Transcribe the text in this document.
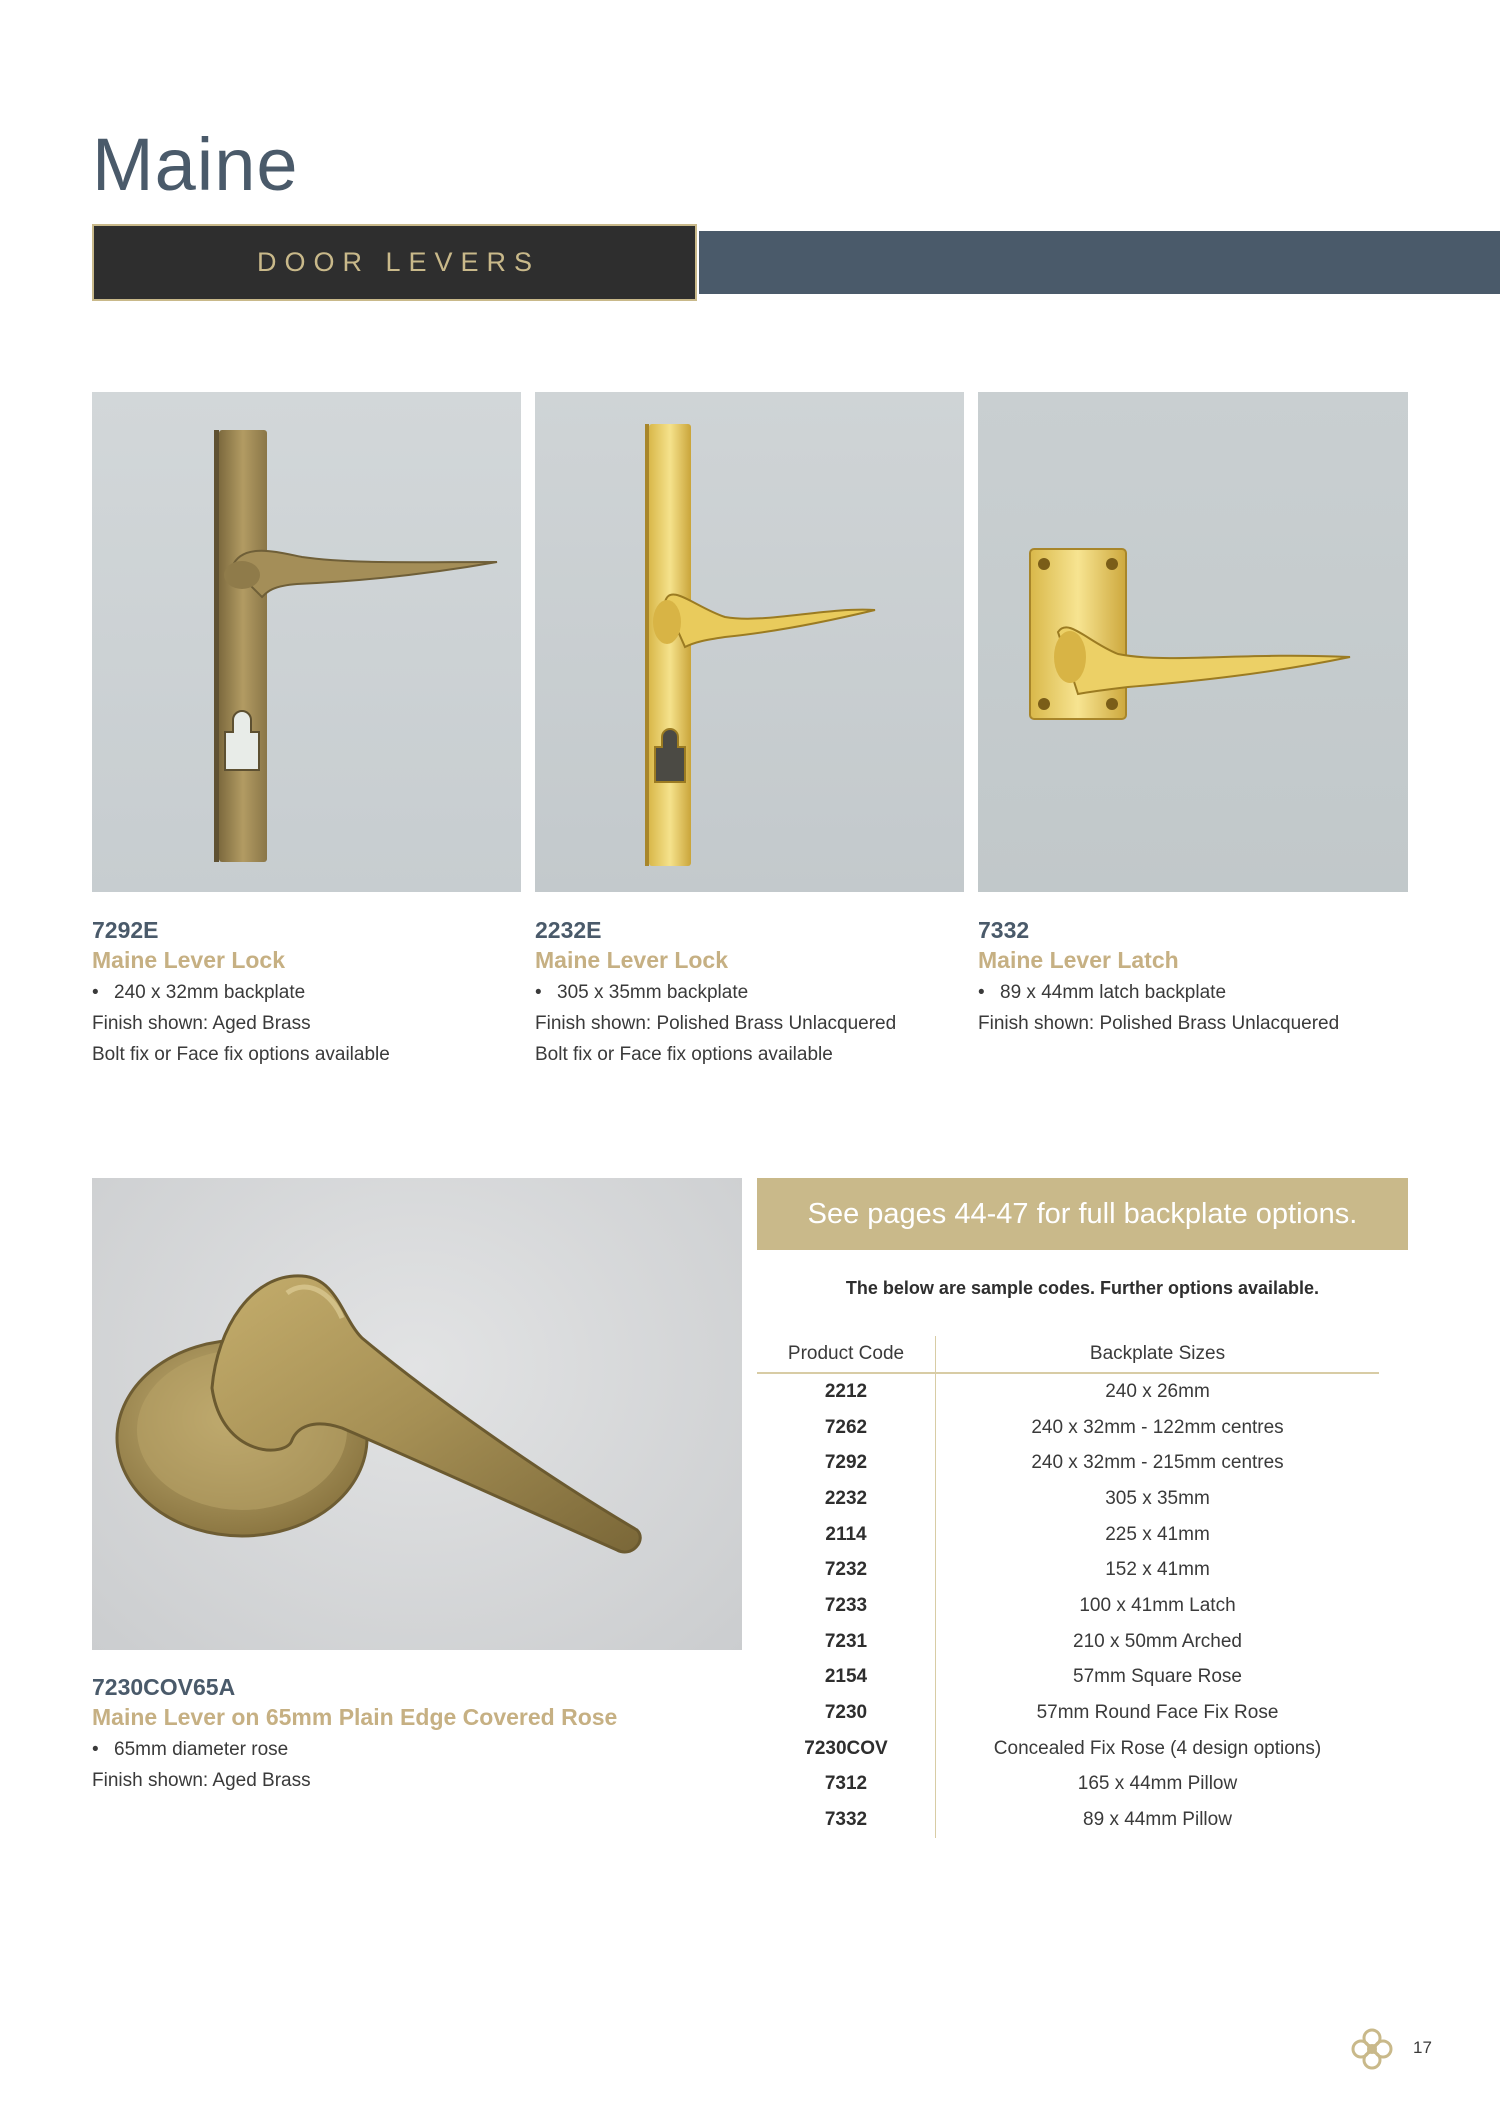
Maine
DOOR LEVERS
7292E
Maine Lever Lock
• 240 x 32mm backplate
Finish shown: Aged Brass
Bolt fix or Face fix options available
2232E
Maine Lever Lock
• 305 x 35mm backplate
Finish shown: Polished Brass Unlacquered
Bolt fix or Face fix options available
7332
Maine Lever Latch
• 89 x 44mm latch backplate
Finish shown: Polished Brass Unlacquered
7230COV65A
Maine Lever on 65mm Plain Edge Covered Rose
• 65mm diameter rose
Finish shown: Aged Brass
See pages 44-47 for full backplate options.
The below are sample codes. Further options available.
Product Code	Backplate Sizes
2212	240 x 26mm
7262	240 x 32mm - 122mm centres
7292	240 x 32mm - 215mm centres
2232	305 x 35mm
2114	225 x 41mm
7232	152 x 41mm
7233	100 x 41mm Latch
7231	210 x 50mm Arched
2154	57mm Square Rose
7230	57mm Round Face Fix Rose
7230COV	Concealed Fix Rose (4 design options)
7312	165 x 44mm Pillow
7332	89 x 44mm Pillow
17
